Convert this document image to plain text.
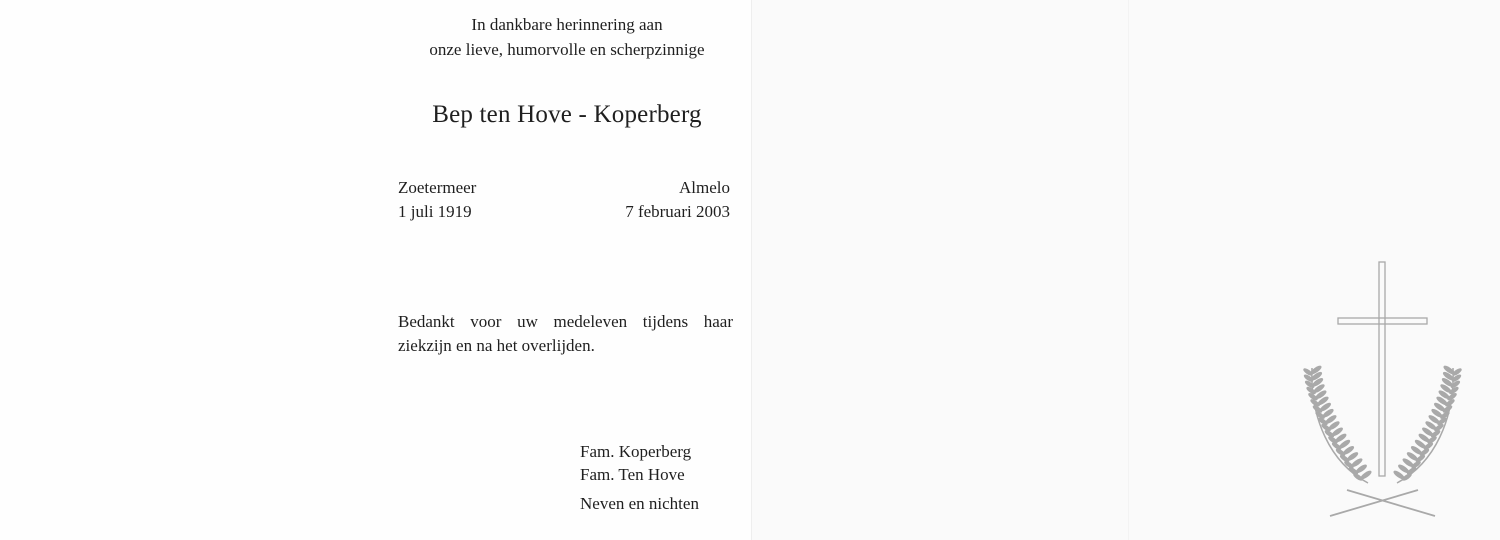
In dankbare herinnering aan
onze lieve, humorvolle en scherpzinnige
Bep ten Hove - Koperberg
Zoetermeer
1 juli 1919
Almelo
7 februari 2003
Bedankt voor uw medeleven tijdens haar
ziekzijn en na het overlijden.
Fam. Koperberg
Fam. Ten Hove
Neven en nichten
